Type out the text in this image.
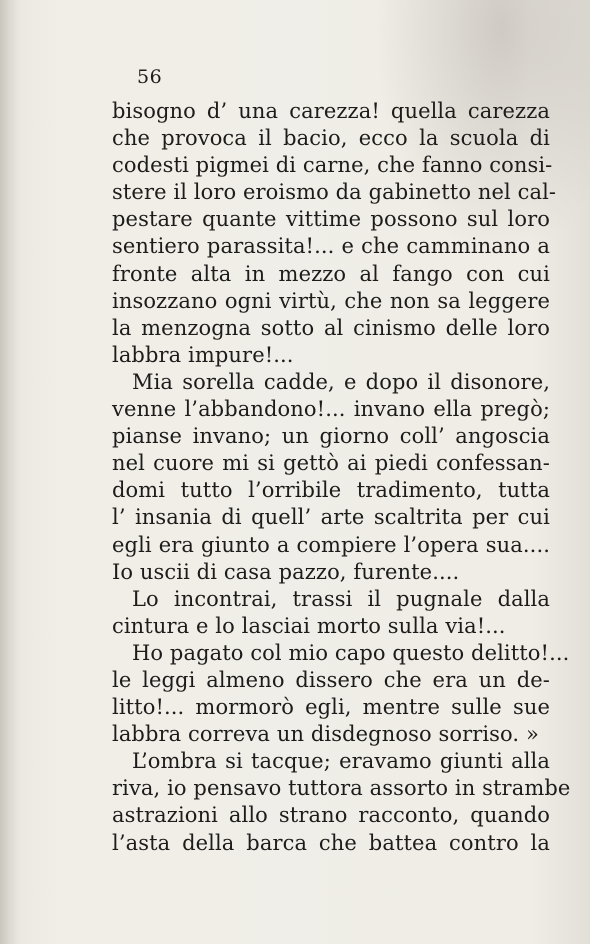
56
bisogno d’ una carezza! quella carezza
che provoca il bacio, ecco la scuola di
codesti pigmei di carne, che fanno consi-
stere il loro eroismo da gabinetto nel cal-
pestare quante vittime possono sul loro
sentiero parassita!... e che camminano a
fronte alta in mezzo al fango con cui
insozzano ogni virtù, che non sa leggere
la menzogna sotto al cinismo delle loro
labbra impure!...
Mia sorella cadde, e dopo il disonore,
venne l’abbandono!... invano ella pregò;
pianse invano; un giorno coll’ angoscia
nel cuore mi si gettò ai piedi confessan-
domi tutto l’orribile tradimento, tutta
l’ insania di quell’ arte scaltrita per cui
egli era giunto a compiere l’opera sua....
Io uscii di casa pazzo, furente....
Lo incontrai, trassi il pugnale dalla
cintura e lo lasciai morto sulla via!...
Ho pagato col mio capo questo delitto!...
le leggi almeno dissero che era un de-
litto!... mormorò egli, mentre sulle sue
labbra correva un disdegnoso sorriso. »
L’ombra si tacque; eravamo giunti alla
riva, io pensavo tuttora assorto in strambe
astrazioni allo strano racconto, quando
l’asta della barca che battea contro la
